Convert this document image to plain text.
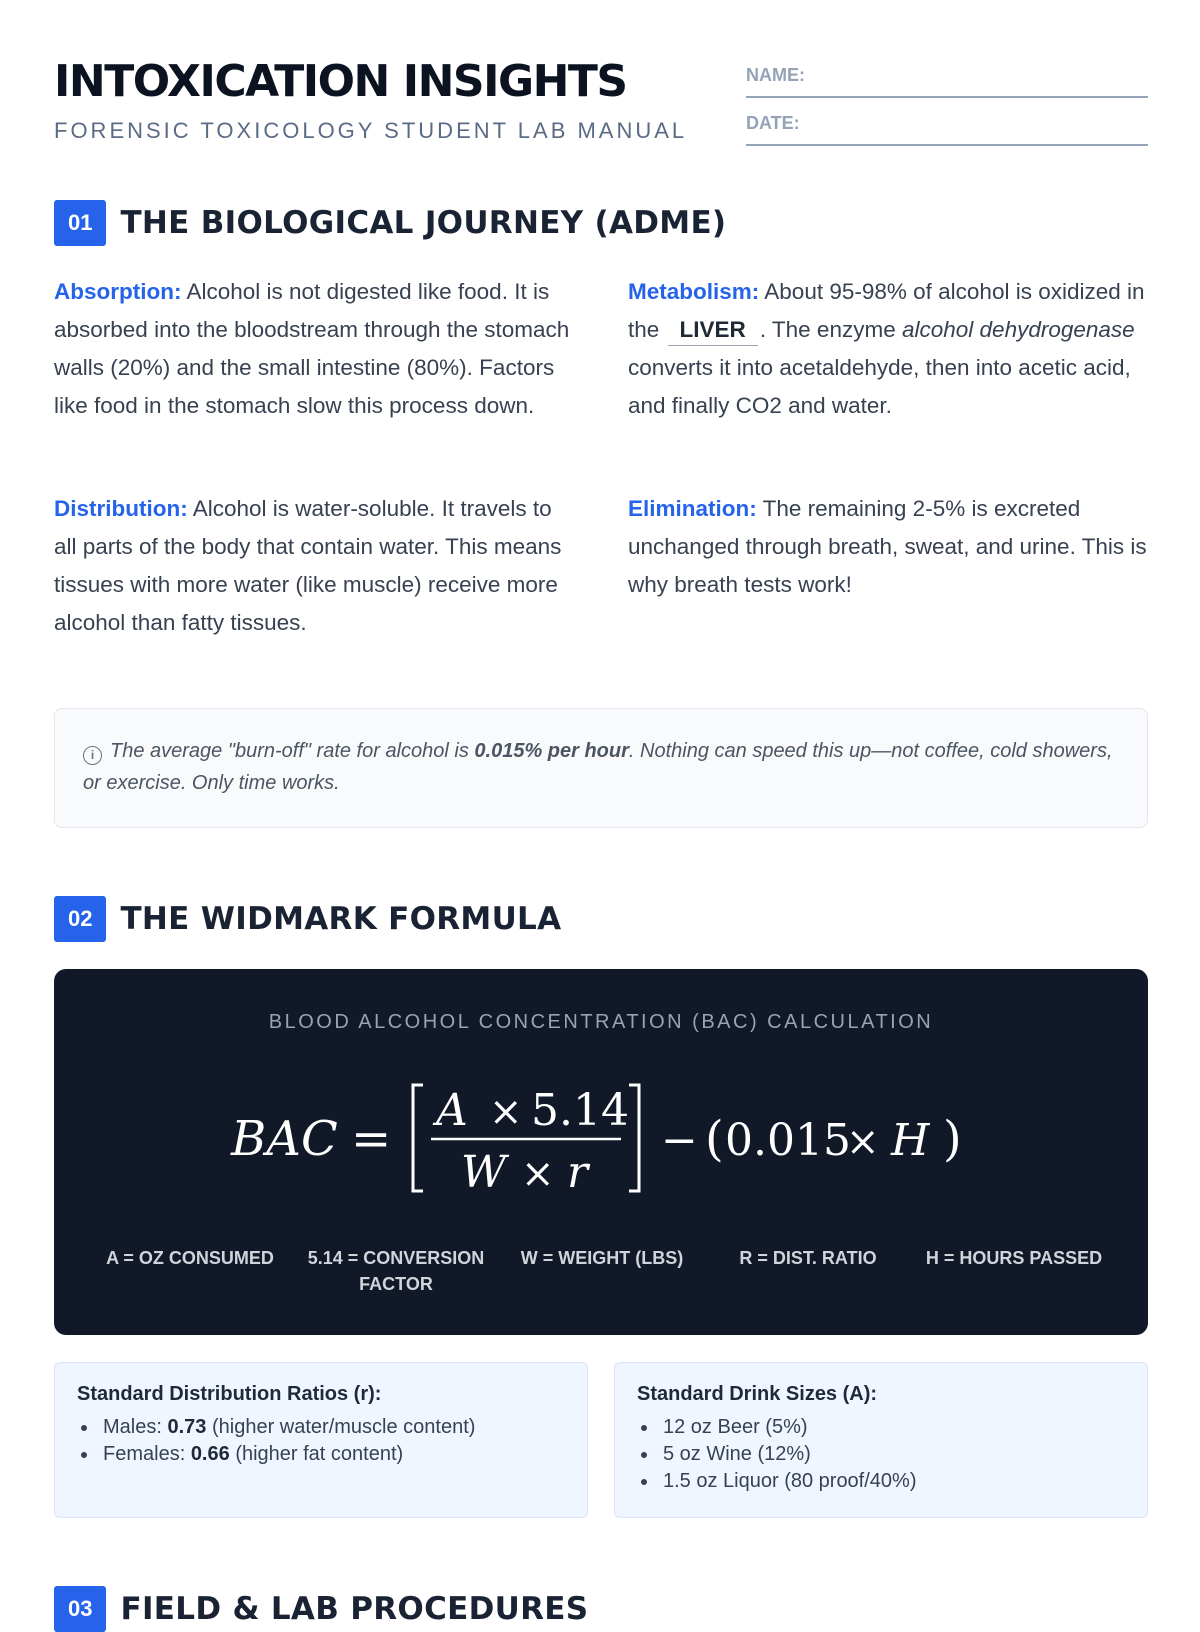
INTOXICATION INSIGHTS
FORENSIC TOXICOLOGY STUDENT LAB MANUAL
NAME:
DATE:
01 THE BIOLOGICAL JOURNEY (ADME)
Absorption: Alcohol is not digested like food. It is absorbed into the bloodstream through the stomach walls (20%) and the small intestine (80%). Factors like food in the stomach slow this process down.
Distribution: Alcohol is water-soluble. It travels to all parts of the body that contain water. This means tissues with more water (like muscle) receive more alcohol than fatty tissues.
Metabolism: About 95-98% of alcohol is oxidized in the LIVER . The enzyme alcohol dehydrogenase converts it into acetaldehyde, then into acetic acid, and finally CO2 and water.
Elimination: The remaining 2-5% is excreted unchanged through breath, sweat, and urine. This is why breath tests work!
i The average "burn-off" rate for alcohol is 0.015% per hour. Nothing can speed this up—not coffee, cold showers, or exercise. Only time works.
02 THE WIDMARK FORMULA
BLOOD ALCOHOL CONCENTRATION (BAC) CALCULATION
BAC =
A × 5.14
W × r
− ( 0.015
× H )
A = OZ CONSUMED	5.14 = CONVERSION FACTOR
W = WEIGHT (LBS)	R = DIST. RATIO	H = HOURS PASSED
Standard Distribution Ratios (r):
Males: 0.73 (higher water/muscle content)
Females: 0.66 (higher fat content)
Standard Drink Sizes (A):
12 oz Beer (5%)
5 oz Wine (12%)
1.5 oz Liquor (80 proof/40%)
03 FIELD & LAB PROCEDURES
